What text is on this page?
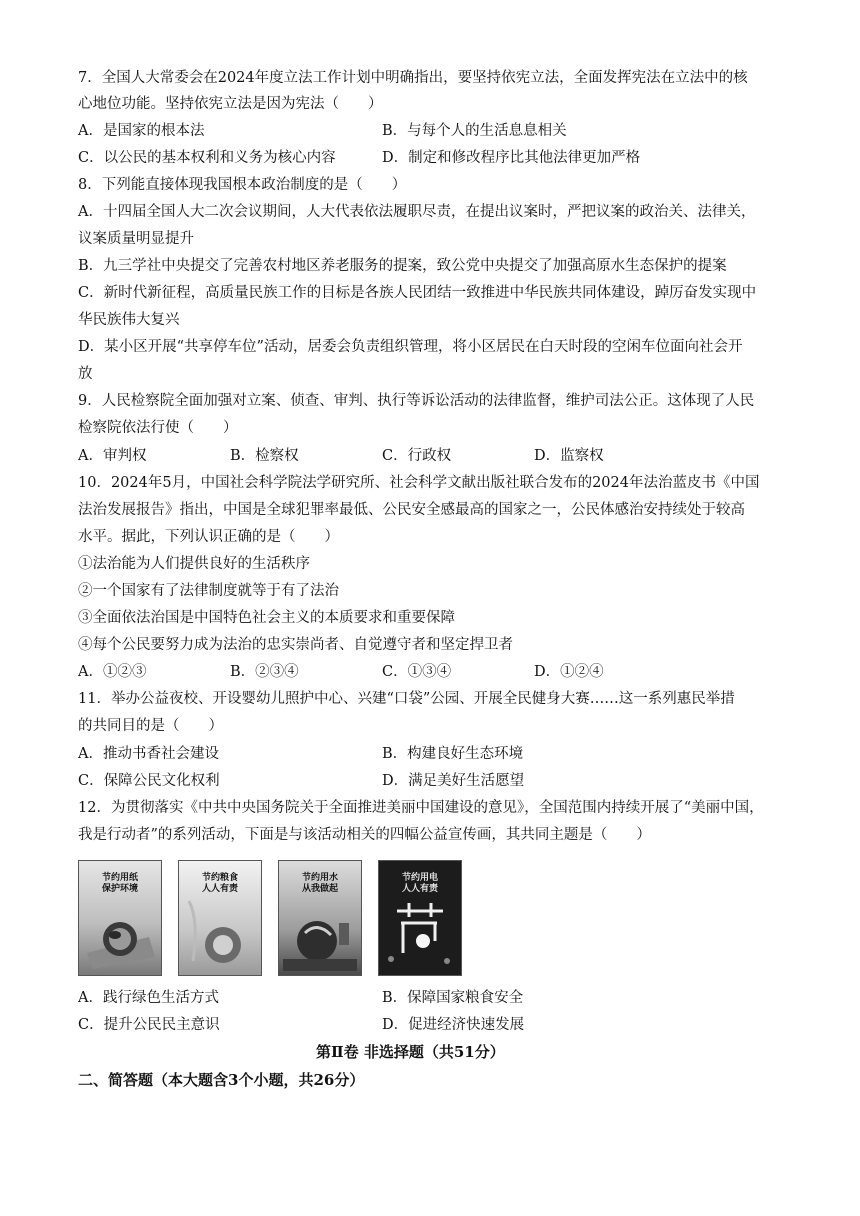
7．全国人大常委会在2024年度立法工作计划中明确指出，要坚持依宪立法，全面发挥宪法在立法中的核
心地位功能。坚持依宪立法是因为宪法（　　）
A．是国家的根本法	B．与每个人的生活息息相关
C．以公民的基本权利和义务为核心内容	D．制定和修改程序比其他法律更加严格
8．下列能直接体现我国根本政治制度的是（　　）
A．十四届全国人大二次会议期间，人大代表依法履职尽责，在提出议案时，严把议案的政治关、法律关，
议案质量明显提升
B．九三学社中央提交了完善农村地区养老服务的提案，致公党中央提交了加强高原水生态保护的提案
C．新时代新征程，高质量民族工作的目标是各族人民团结一致推进中华民族共同体建设，踔厉奋发实现中
华民族伟大复兴
D．某小区开展“共享停车位”活动，居委会负责组织管理，将小区居民在白天时段的空闲车位面向社会开
放
9．人民检察院全面加强对立案、侦查、审判、执行等诉讼活动的法律监督，维护司法公正。这体现了人民
检察院依法行使（　　）
A．审判权	B．检察权	C．行政权	D．监察权
10．2024年5月，中国社会科学院法学研究所、社会科学文献出版社联合发布的2024年法治蓝皮书《中国
法治发展报告》指出，中国是全球犯罪率最低、公民安全感最高的国家之一，公民体感治安持续处于较高
水平。据此，下列认识正确的是（　　）
①法治能为人们提供良好的生活秩序
②一个国家有了法律制度就等于有了法治
③全面依法治国是中国特色社会主义的本质要求和重要保障
④每个公民要努力成为法治的忠实崇尚者、自觉遵守者和坚定捍卫者
A．①②③	B．②③④	C．①③④	D．①②④
11．举办公益夜校、开设婴幼儿照护中心、兴建“口袋”公园、开展全民健身大赛……这一系列惠民举措
的共同目的是（　　）
A．推动书香社会建设	B．构建良好生态环境
C．保障公民文化权利	D．满足美好生活愿望
12．为贯彻落实《中共中央国务院关于全面推进美丽中国建设的意见》，全国范围内持续开展了“美丽中国，
我是行动者”的系列活动，下面是与该活动相关的四幅公益宣传画，其共同主题是（　　）
节约用纸
保护环境
节约粮食
人人有责
节约用水
从我做起
节约用电
人人有责
A．践行绿色生活方式	B．保障国家粮食安全
C．提升公民民主意识	D．促进经济快速发展
第Ⅱ卷 非选择题（共51分）
二、简答题（本大题含3个小题，共26分）
